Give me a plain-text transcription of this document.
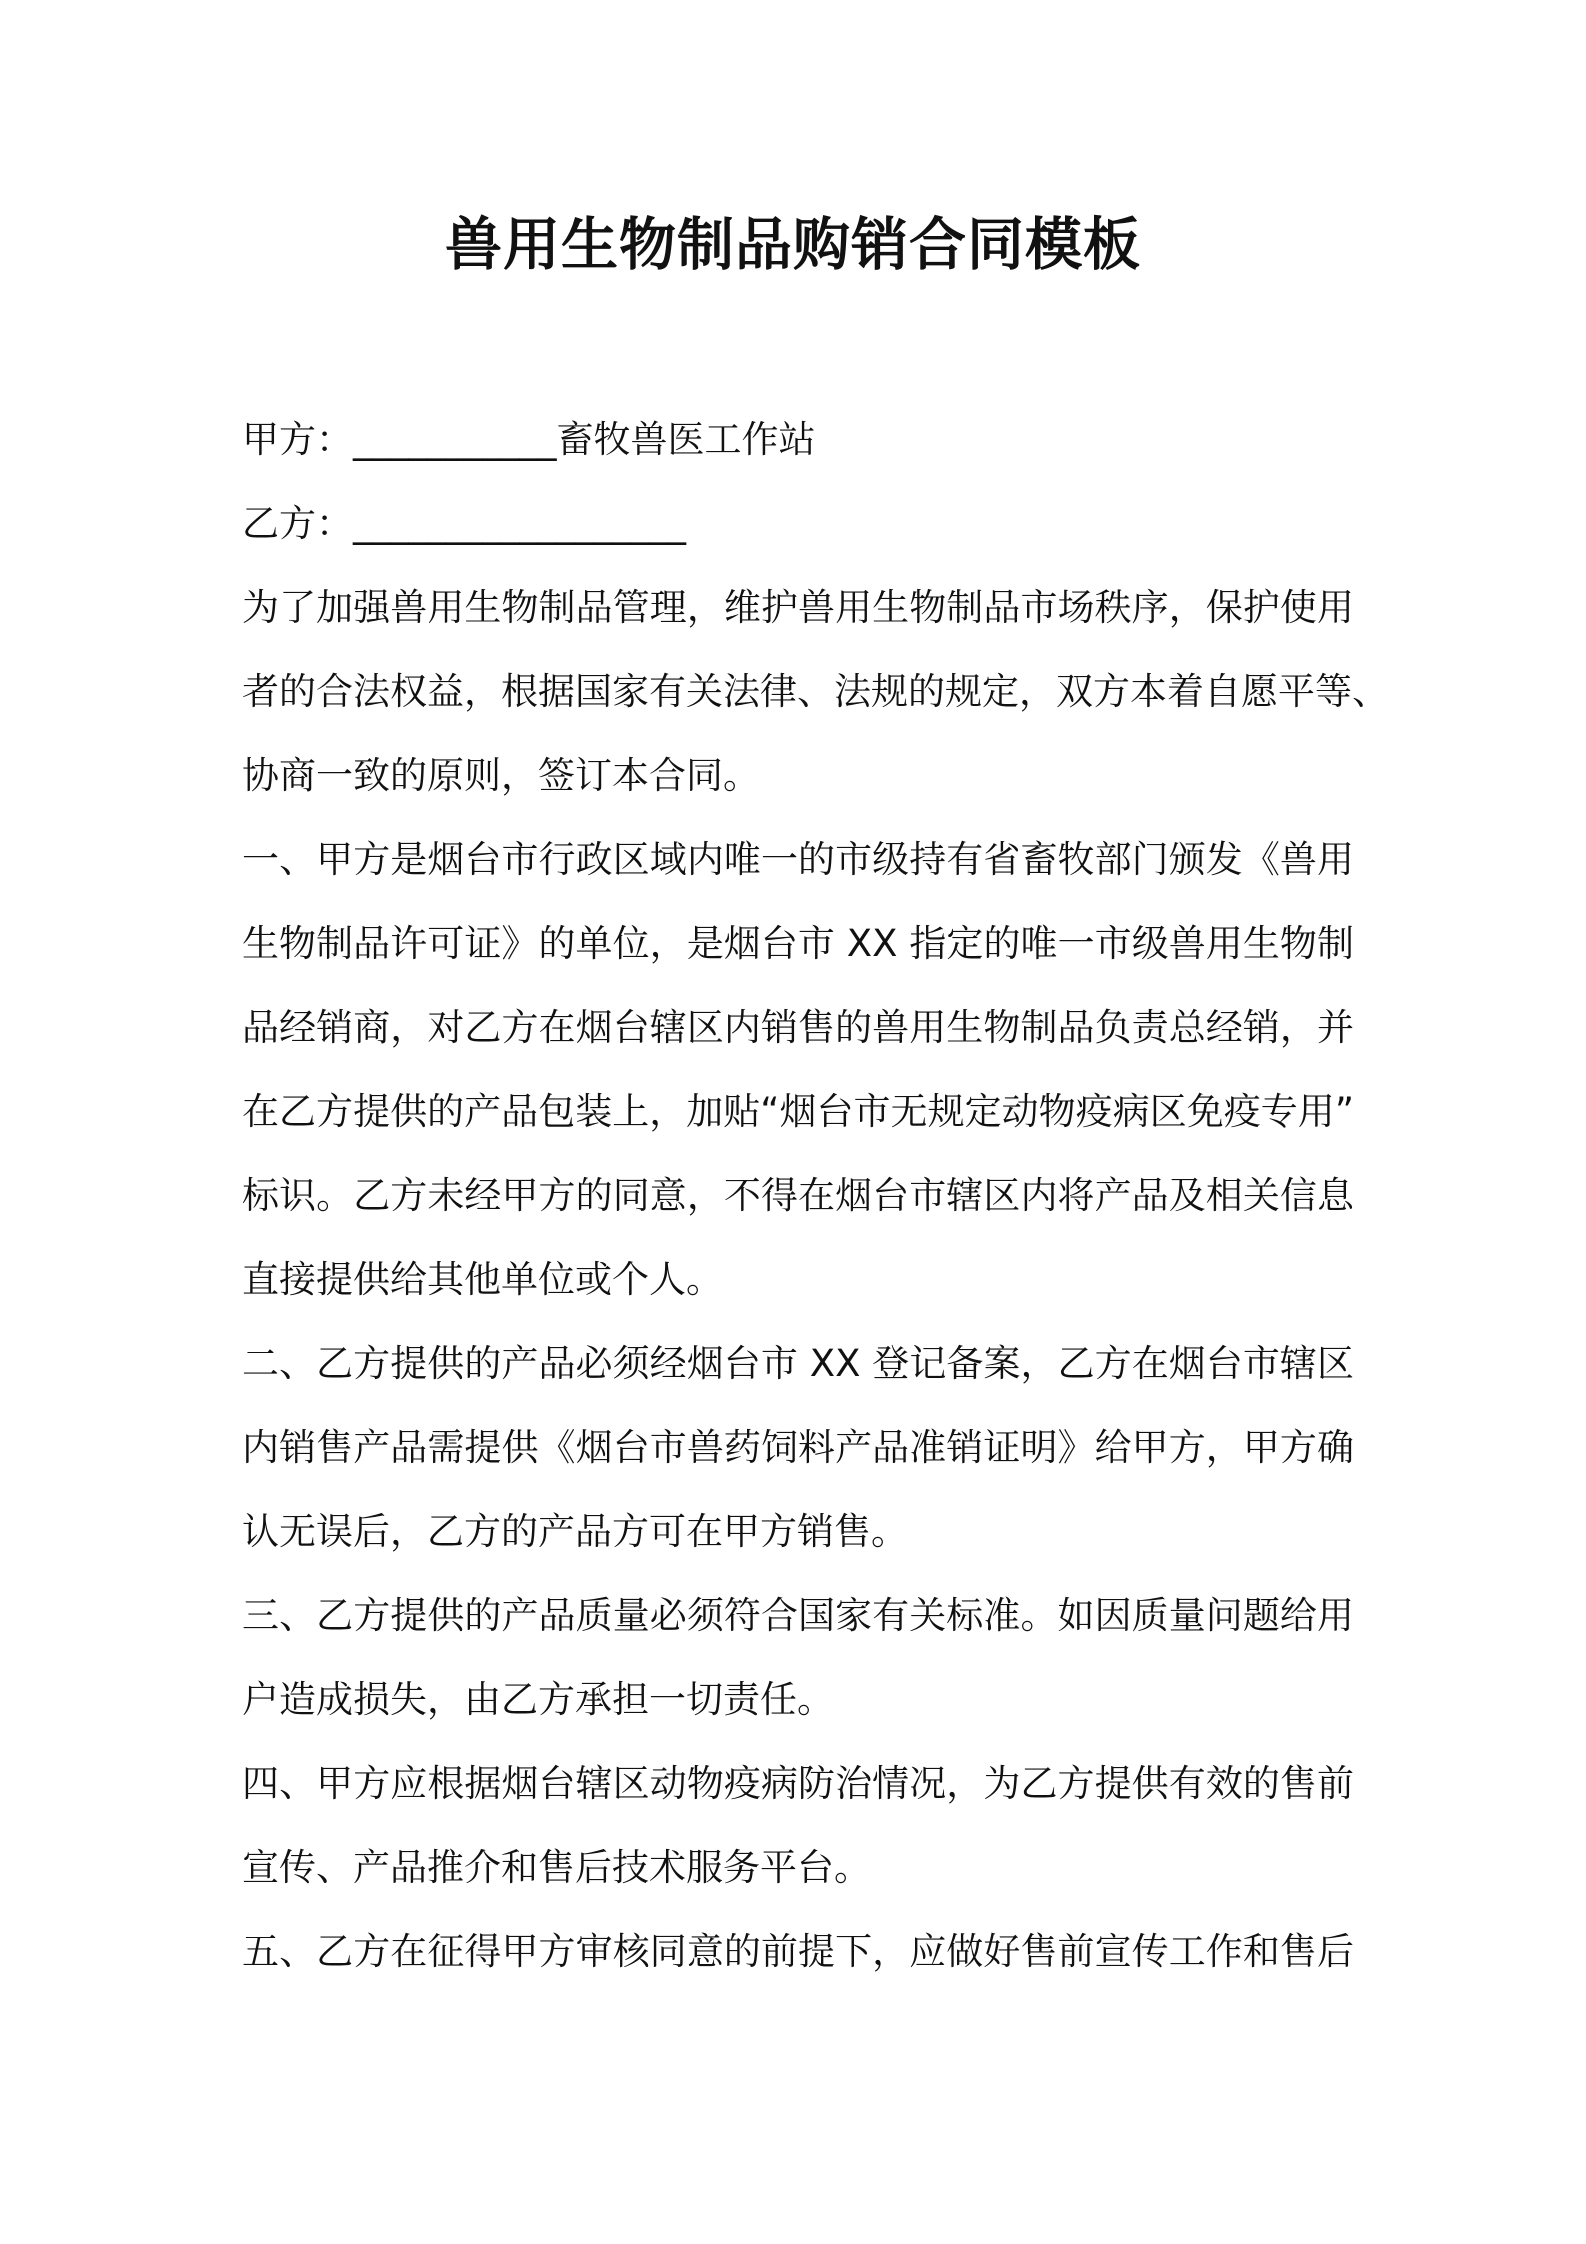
兽用生物制品购销合同模板
甲方：___________畜牧兽医工作站
乙方：__________________
为了加强兽用生物制品管理，维护兽用生物制品市场秩序，保护使用
者的合法权益，根据国家有关法律、法规的规定，双方本着自愿平等、
协商一致的原则，签订本合同。
一、甲方是烟台市行政区域内唯一的市级持有省畜牧部门颁发《兽用
生物制品许可证》的单位，是烟台市 XX 指定的唯一市级兽用生物制
品经销商，对乙方在烟台辖区内销售的兽用生物制品负责总经销，并
在乙方提供的产品包装上，加贴“烟台市无规定动物疫病区免疫专用”
标识。乙方未经甲方的同意，不得在烟台市辖区内将产品及相关信息
直接提供给其他单位或个人。
二、乙方提供的产品必须经烟台市 XX 登记备案，乙方在烟台市辖区
内销售产品需提供《烟台市兽药饲料产品准销证明》给甲方，甲方确
认无误后，乙方的产品方可在甲方销售。
三、乙方提供的产品质量必须符合国家有关标准。如因质量问题给用
户造成损失，由乙方承担一切责任。
四、甲方应根据烟台辖区动物疫病防治情况，为乙方提供有效的售前
宣传、产品推介和售后技术服务平台。
五、乙方在征得甲方审核同意的前提下，应做好售前宣传工作和售后
